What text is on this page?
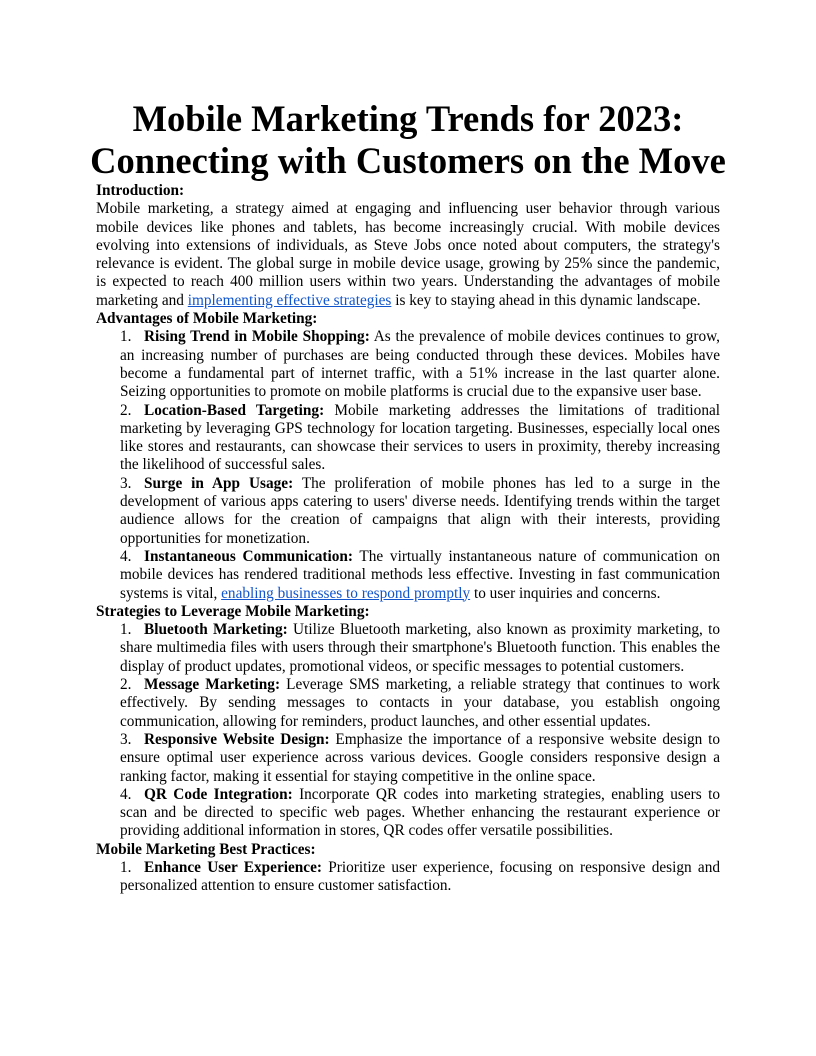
Mobile Marketing Trends for 2023:
Connecting with Customers on the Move
Introduction:

Mobile marketing, a strategy aimed at engaging and influencing user behavior through various mobile devices like phones and tablets, has become increasingly crucial. With mobile devices evolving into extensions of individuals, as Steve Jobs once noted about computers, the strategy's relevance is evident. The global surge in mobile device usage, growing by 25% since the pandemic, is expected to reach 400 million users within two years. Understanding the advantages of mobile marketing and implementing effective strategies is key to staying ahead in this dynamic landscape.

Advantages of Mobile Marketing:
1. Rising Trend in Mobile Shopping: As the prevalence of mobile devices continues to grow, an increasing number of purchases are being conducted through these devices. Mobiles have become a fundamental part of internet traffic, with a 51% increase in the last quarter alone. Seizing opportunities to promote on mobile platforms is crucial due to the expansive user base.
2. Location-Based Targeting: Mobile marketing addresses the limitations of traditional marketing by leveraging GPS technology for location targeting. Businesses, especially local ones like stores and restaurants, can showcase their services to users in proximity, thereby increasing the likelihood of successful sales.
3. Surge in App Usage: The proliferation of mobile phones has led to a surge in the development of various apps catering to users' diverse needs. Identifying trends within the target audience allows for the creation of campaigns that align with their interests, providing opportunities for monetization.
4. Instantaneous Communication: The virtually instantaneous nature of communication on mobile devices has rendered traditional methods less effective. Investing in fast communication systems is vital, enabling businesses to respond promptly to user inquiries and concerns.
Strategies to Leverage Mobile Marketing:
1. Bluetooth Marketing: Utilize Bluetooth marketing, also known as proximity marketing, to share multimedia files with users through their smartphone's Bluetooth function. This enables the display of product updates, promotional videos, or specific messages to potential customers.
2. Message Marketing: Leverage SMS marketing, a reliable strategy that continues to work effectively. By sending messages to contacts in your database, you establish ongoing communication, allowing for reminders, product launches, and other essential updates.
3. Responsive Website Design: Emphasize the importance of a responsive website design to ensure optimal user experience across various devices. Google considers responsive design a ranking factor, making it essential for staying competitive in the online space.
4. QR Code Integration: Incorporate QR codes into marketing strategies, enabling users to scan and be directed to specific web pages. Whether enhancing the restaurant experience or providing additional information in stores, QR codes offer versatile possibilities.
Mobile Marketing Best Practices:
1. Enhance User Experience: Prioritize user experience, focusing on responsive design and personalized attention to ensure customer satisfaction.
